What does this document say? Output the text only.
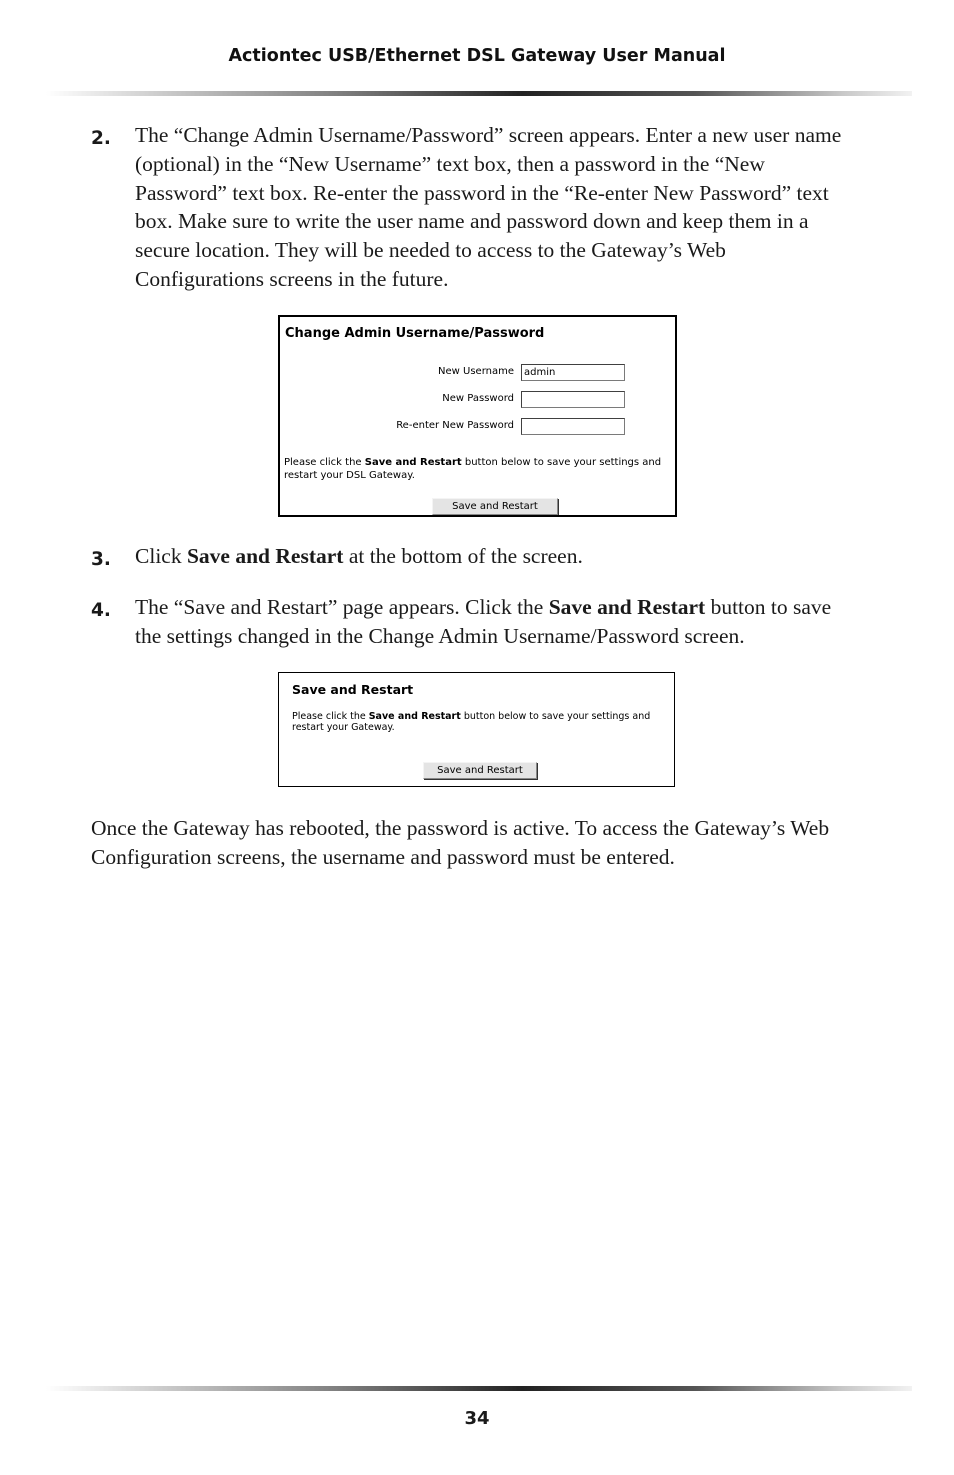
Actiontec USB/Ethernet DSL Gateway User Manual
2. The “Change Admin Username/Password” screen appears. Enter a new user name (optional) in the “New Username” text box, then a password in the “New Password” text box. Re-enter the password in the “Re-enter New Password” text box. Make sure to write the user name and password down and keep them in a secure location. They will be needed to access to the Gateway’s Web Configurations screens in the future.
Change Admin Username/Password
New Username	admin
New Password
Re-enter New Password
Please click the Save and Restart button below to save your settings and
restart your DSL Gateway.
Save and Restart
3. Click Save and Restart at the bottom of the screen.
4. The “Save and Restart” page appears. Click the Save and Restart button to save the settings changed in the Change Admin Username/Password screen.
Save and Restart
Please click the Save and Restart button below to save your settings and
restart your Gateway.
Save and Restart
Once the Gateway has rebooted, the password is active. To access the Gateway’s Web Configuration screens, the username and password must be entered.
34
